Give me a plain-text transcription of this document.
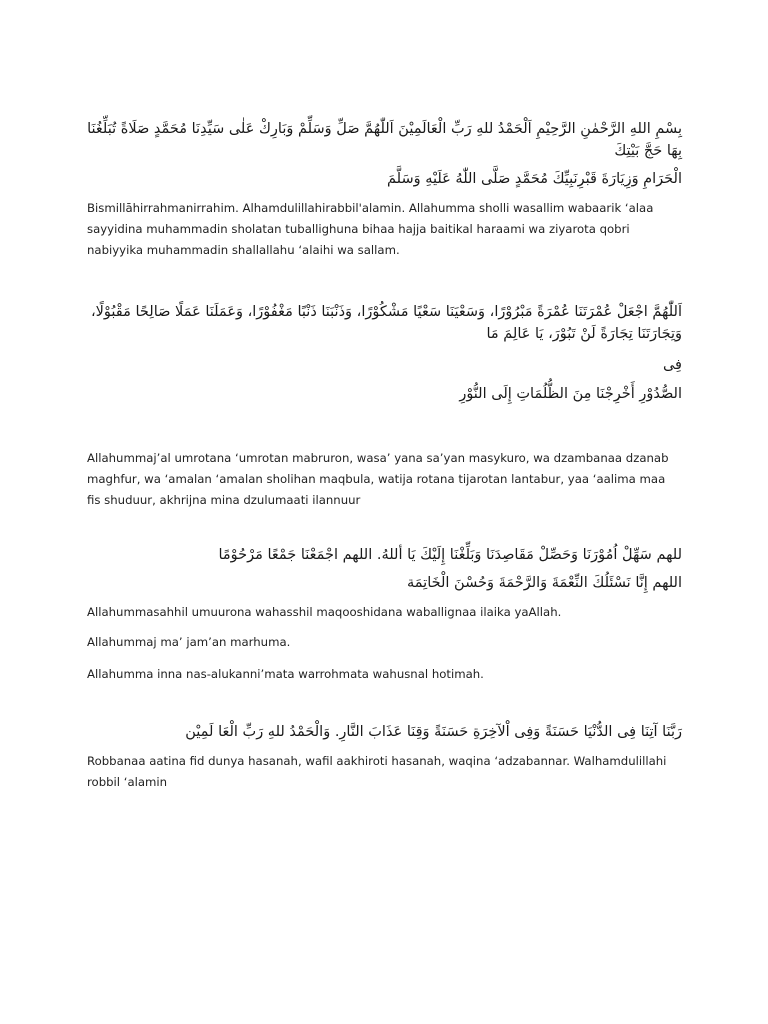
بِسْمِ اللهِ الرَّحْمٰنِ الرَّحِيْمِ اَلْحَمْدُ للهِ رَبِّ الْعَالَمِيْنَ اَللّٰهُمَّ صَلِّ وَسَلِّمْ وَبَارِكْ عَلٰى سَيِّدِنَا مُحَمَّدٍ صَلَاةً تُبَلِّغُنَا بِهَا حَجَّ بَيْتِكَ

الْحَرَامِ وَزِيَارَةَ قَبْرِنَبِيِّكَ مُحَمَّدٍ صَلَّى اللّٰهُ عَلَيْهِ وَسَلَّمَ

Bismillāhirrahmanirrahim. Alhamdulillahirabbil'alamin. Allahumma sholli wasallim wabaarik ‘alaa sayyidina muhammadin sholatan tuballighuna bihaa hajja baitikal haraami wa ziyarota qobri nabiyyika muhammadin shallallahu ‘alaihi wa sallam.

اَللّٰهُمَّ اجْعَلْ عُمْرَتَنَا عُمْرَةً مَبْرُوْرًا، وَسَعْيَنَا سَعْيًا مَشْكُوْرًا، وَذَنْبَنَا ذَنْبًا مَغْفُوْرًا، وَعَمَلَنَا عَمَلًا صَالِحًا مَقْبُوْلًا، وَتِجَارَتَنَا تِجَارَةً لَنْ تَبُوْرَ، يَا عَالِمَ مَا

فِى

الصُّدُوْرِ أَخْرِجْنَا مِنَ الظُّلُمَاتِ إِلَى النُّوْرِ

Allahummaj’al umrotana ‘umrotan mabruron, wasa’ yana sa’yan masykuro, wa dzambanaa dzanab maghfur, wa ‘amalan ‘amalan sholihan maqbula, watija rotana tijarotan lantabur, yaa ‘aalima maa fis shuduur, akhrijna mina dzulumaati ilannuur

للهم سَهِّلْ اُمُوْرَنَا وَحَصِّلْ مَقَاصِدَنَا وَبَلِّغْنَا إِلَيْكَ يَا أللهُ. اللهم اجْمَعْنَا جَمْعًا مَرْحُوْمًا

اللهم إِنَّا نَسْئَلُكَ النِّعْمَةَ وَالرَّحْمَةَ وَحُسْنَ الْخَاتِمَة

Allahummasahhil umuurona wahasshil maqooshidana waballignaa ilaika yaAllah.

Allahummaj ma’ jam’an marhuma.

Allahumma inna nas-alukanni’mata warrohmata wahusnal hotimah.

رَبَّنَا آتِنَا فِى الدُّنْيَا حَسَنَةً وَفِى اْلآخِرَةِ حَسَنَةً وَقِنَا عَذَابَ النَّارِ. وَالْحَمْدُ للهِ رَبِّ الْعَا لَمِيْن

Robbanaa aatina fid dunya hasanah, wafil aakhiroti hasanah, waqina ‘adzabannar. Walhamdulillahi robbil ‘alamin
